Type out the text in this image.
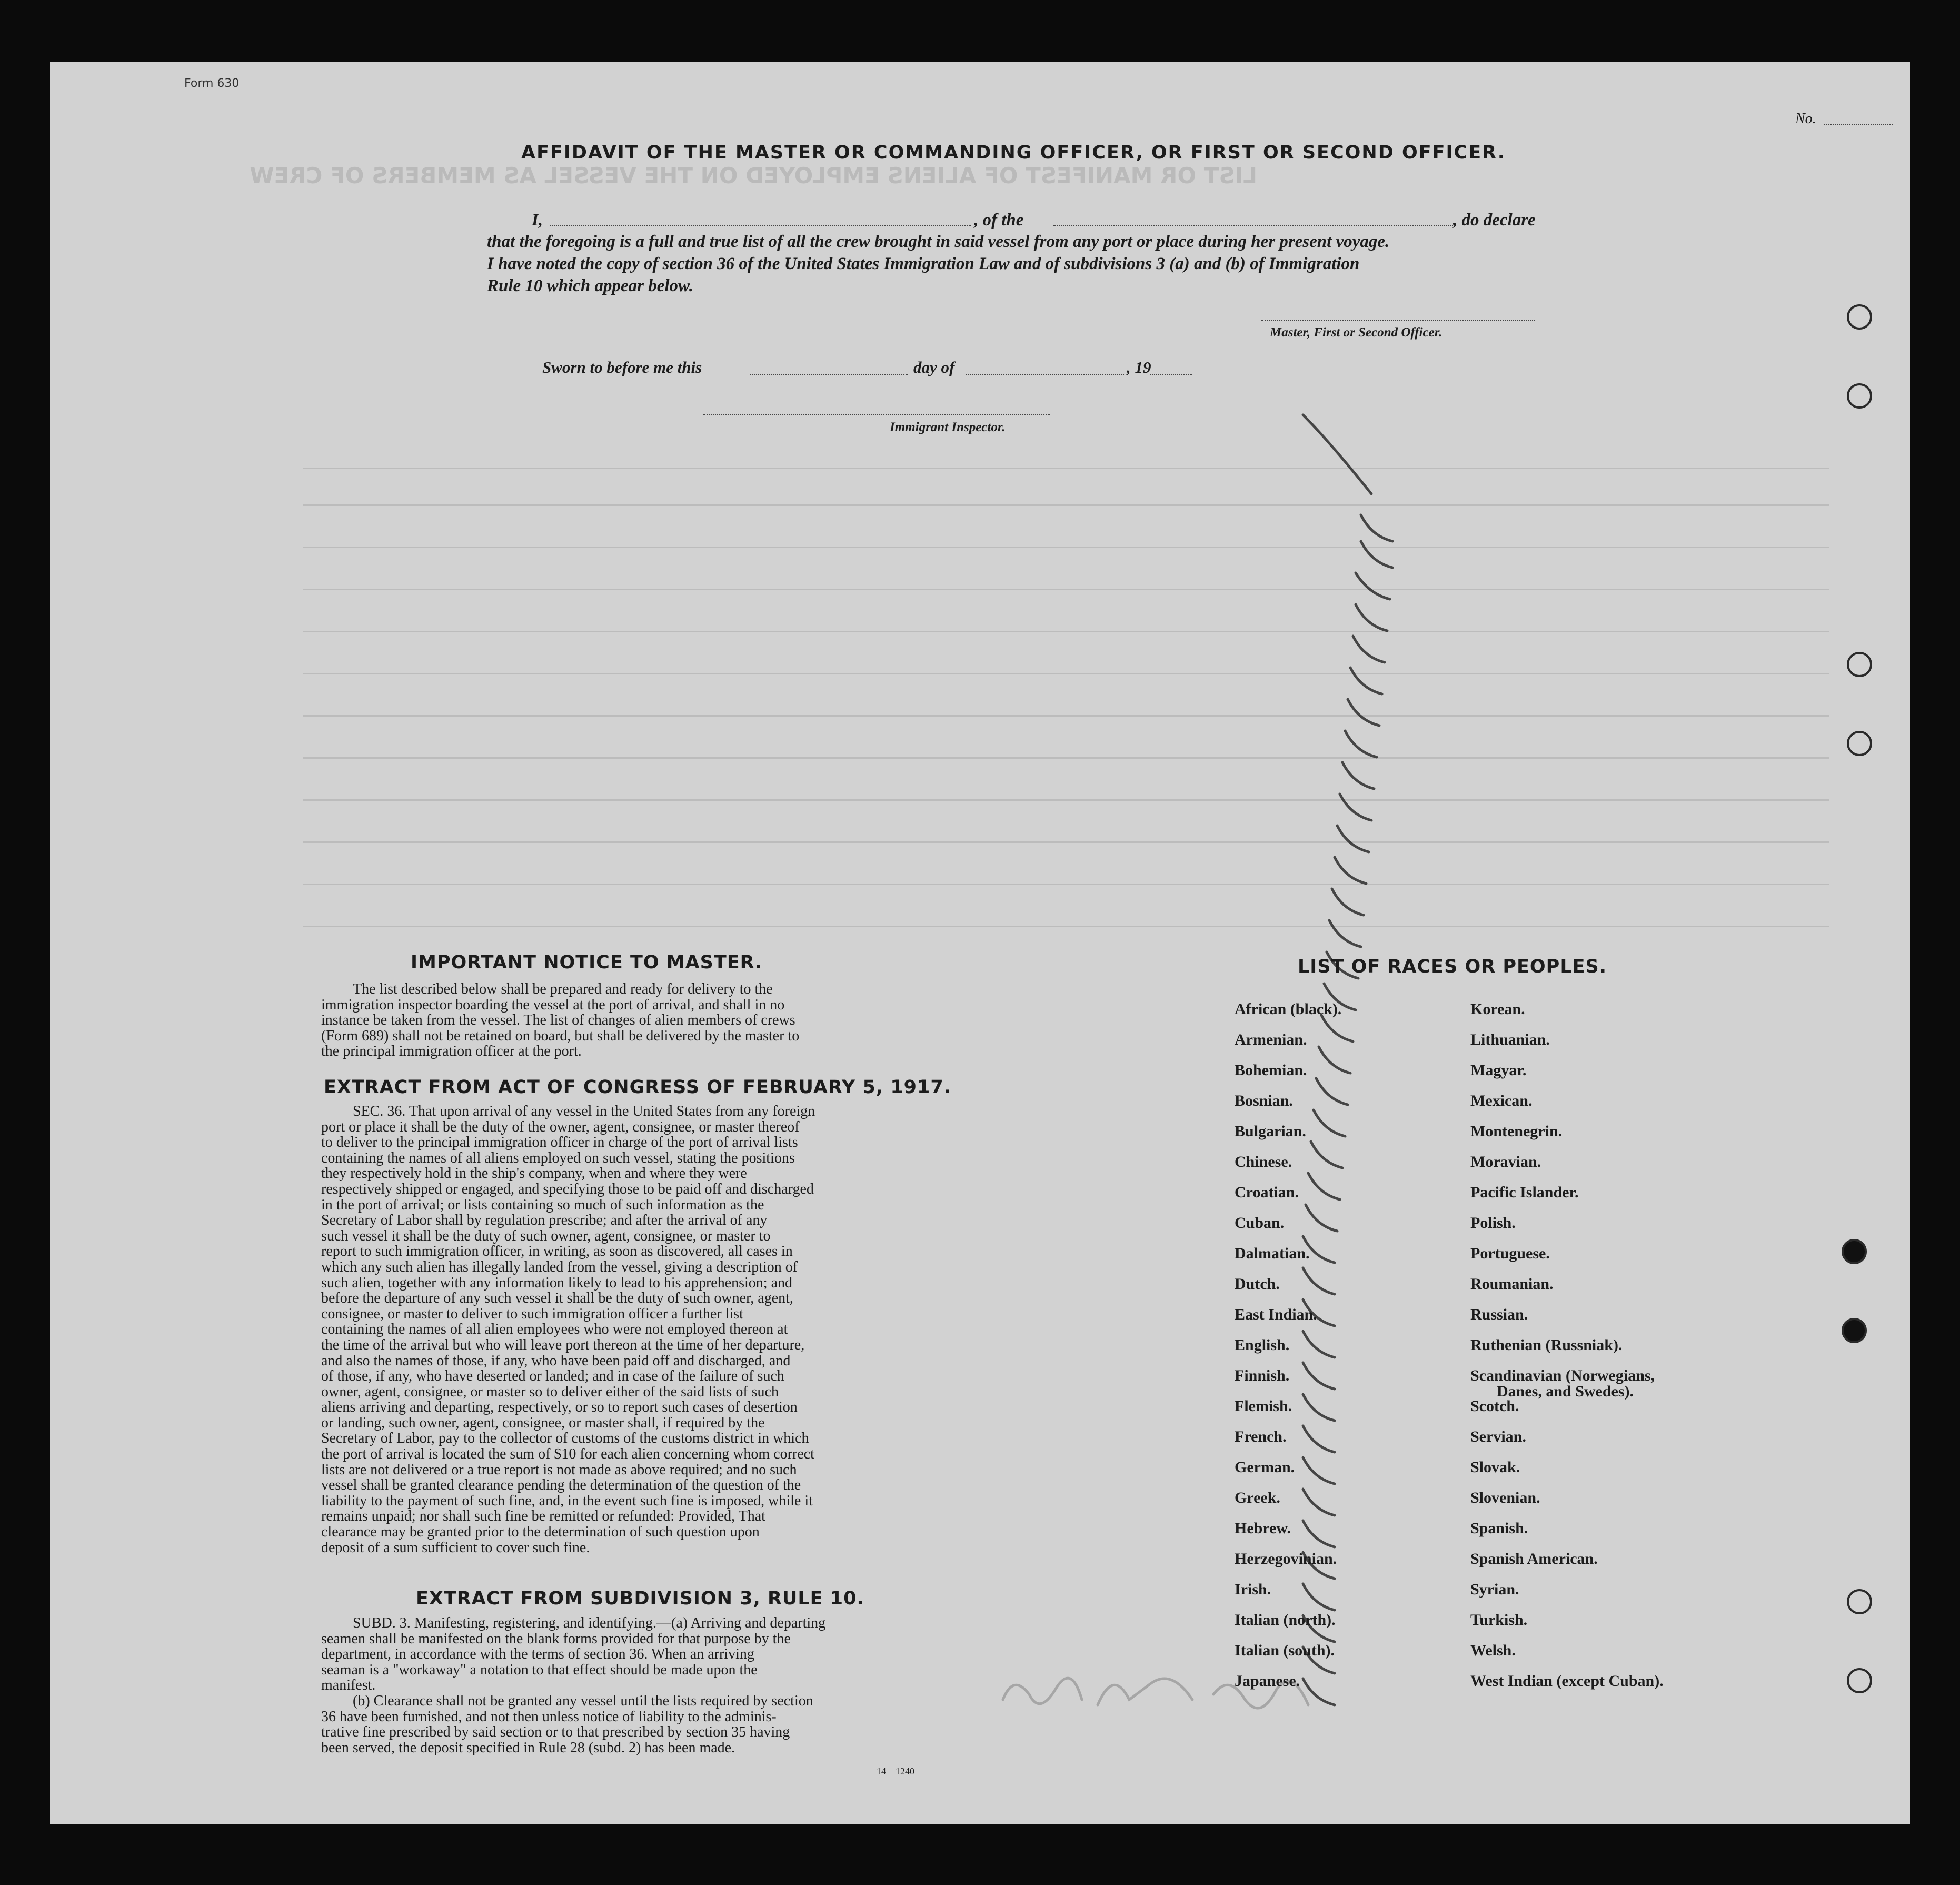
LIST OR MANIFEST OF ALIENS EMPLOYED ON THE VESSEL AS MEMBERS OF CREW
Form 630
No.
AFFIDAVIT OF THE MASTER OR COMMANDING OFFICER, OR FIRST OR SECOND OFFICER.
I,	, of the	, do declare
that the foregoing is a full and true list of all the crew brought in said vessel from any port or place during her present voyage.
I have noted the copy of section 36 of the United States Immigration Law and of subdivisions 3 (a) and (b) of Immigration
Rule 10 which appear below.
Master, First or Second Officer.
Sworn to before me this	day of	, 19
Immigrant Inspector.
IMPORTANT NOTICE TO MASTER.
The list described below shall be prepared and ready for delivery to the
immigration inspector boarding the vessel at the port of arrival, and shall in no
instance be taken from the vessel. The list of changes of alien members of crews
(Form 689) shall not be retained on board, but shall be delivered by the master to
the principal immigration officer at the port.
EXTRACT FROM ACT OF CONGRESS OF FEBRUARY 5, 1917.
SEC. 36. That upon arrival of any vessel in the United States from any foreign
port or place it shall be the duty of the owner, agent, consignee, or master thereof
to deliver to the principal immigration officer in charge of the port of arrival lists
containing the names of all aliens employed on such vessel, stating the positions
they respectively hold in the ship's company, when and where they were
respectively shipped or engaged, and specifying those to be paid off and discharged
in the port of arrival; or lists containing so much of such information as the
Secretary of Labor shall by regulation prescribe; and after the arrival of any
such vessel it shall be the duty of such owner, agent, consignee, or master to
report to such immigration officer, in writing, as soon as discovered, all cases in
which any such alien has illegally landed from the vessel, giving a description of
such alien, together with any information likely to lead to his apprehension; and
before the departure of any such vessel it shall be the duty of such owner, agent,
consignee, or master to deliver to such immigration officer a further list
containing the names of all alien employees who were not employed thereon at
the time of the arrival but who will leave port thereon at the time of her departure,
and also the names of those, if any, who have been paid off and discharged, and
of those, if any, who have deserted or landed; and in case of the failure of such
owner, agent, consignee, or master so to deliver either of the said lists of such
aliens arriving and departing, respectively, or so to report such cases of desertion
or landing, such owner, agent, consignee, or master shall, if required by the
Secretary of Labor, pay to the collector of customs of the customs district in which
the port of arrival is located the sum of $10 for each alien concerning whom correct
lists are not delivered or a true report is not made as above required; and no such
vessel shall be granted clearance pending the determination of the question of the
liability to the payment of such fine, and, in the event such fine is imposed, while it
remains unpaid; nor shall such fine be remitted or refunded: Provided, That
clearance may be granted prior to the determination of such question upon
deposit of a sum sufficient to cover such fine.
EXTRACT FROM SUBDIVISION 3, RULE 10.
SUBD. 3. Manifesting, registering, and identifying.—(a) Arriving and departing
seamen shall be manifested on the blank forms provided for that purpose by the
department, in accordance with the terms of section 36. When an arriving
seaman is a "workaway" a notation to that effect should be made upon the
manifest.
(b) Clearance shall not be granted any vessel until the lists required by section
36 have been furnished, and not then unless notice of liability to the adminis-
trative fine prescribed by said section or to that prescribed by section 35 having
been served, the deposit specified in Rule 28 (subd. 2) has been made.
14—1240
LIST OF RACES OR PEOPLES.
African (black).
Armenian.
Bohemian.
Bosnian.
Bulgarian.
Chinese.
Croatian.
Cuban.
Dalmatian.
Dutch.
East Indian.
English.
Finnish.
Flemish.
French.
German.
Greek.
Hebrew.
Herzegovinian.
Irish.
Italian (north).
Italian (south).
Japanese.
Korean.
Lithuanian.
Magyar.
Mexican.
Montenegrin.
Moravian.
Pacific Islander.
Polish.
Portuguese.
Roumanian.
Russian.
Ruthenian (Russniak).
Scandinavian (Norwegians,
Danes, and Swedes).
Scotch.
Servian.
Slovak.
Slovenian.
Spanish.
Spanish American.
Syrian.
Turkish.
Welsh.
West Indian (except Cuban).
